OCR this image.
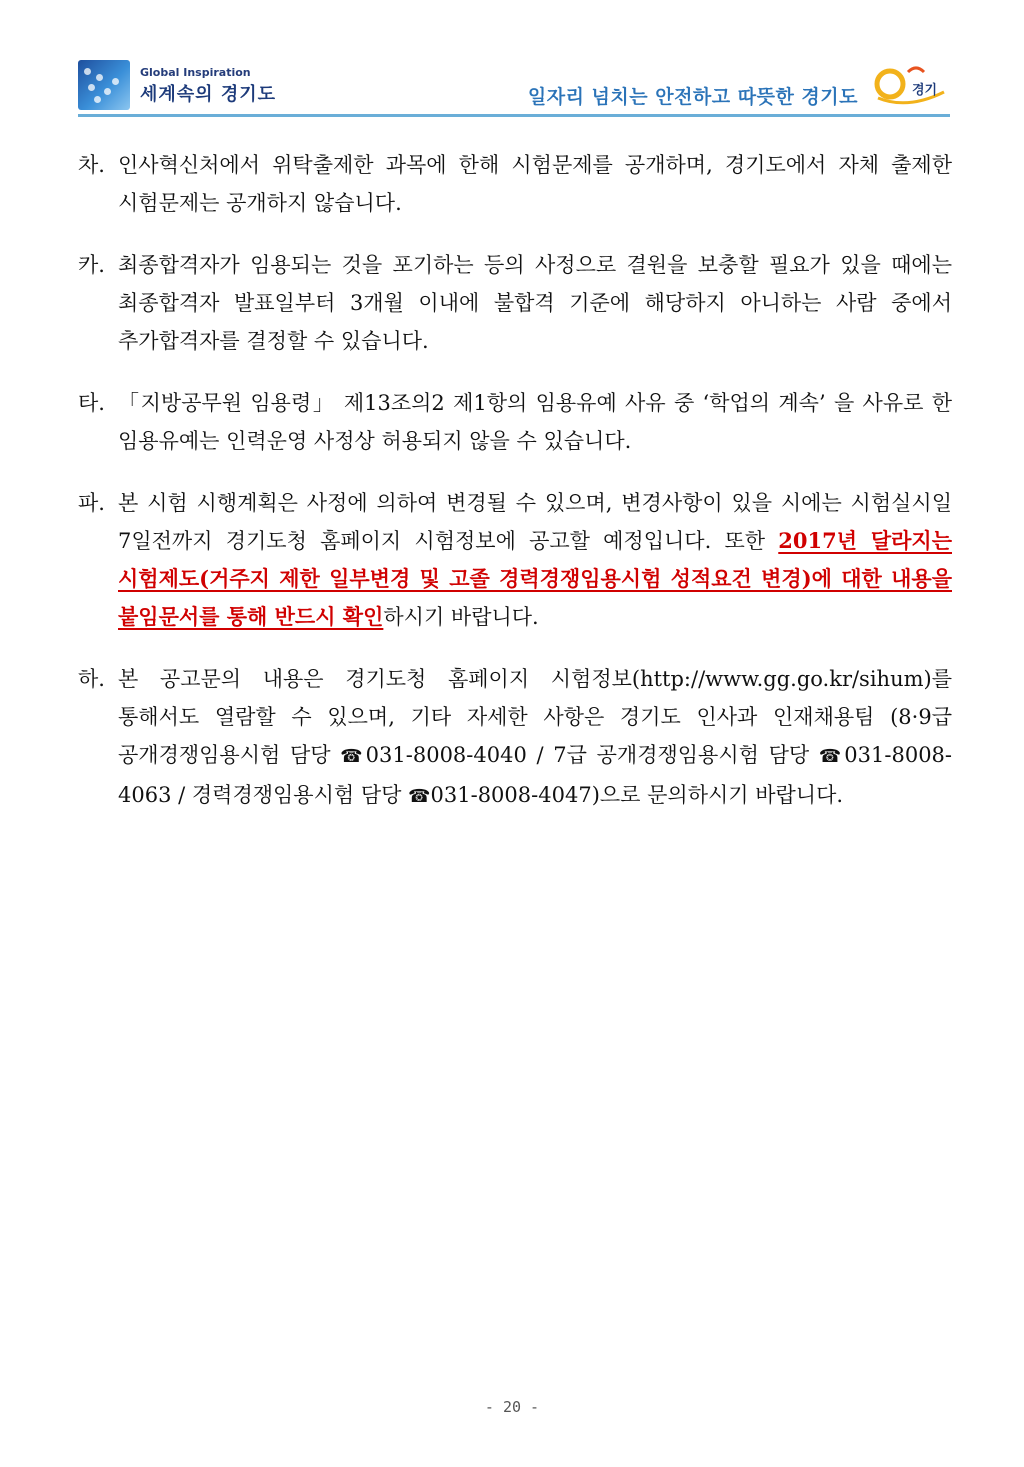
Global Inspiration
세계속의 경기도	일자리 넘치는 안전하고 따뜻한 경기도	경기
차. 인사혁신처에서 위탁출제한 과목에 한해 시험문제를 공개하며, 경기도에서 자체 출제한 시험문제는 공개하지 않습니다.
카. 최종합격자가 임용되는 것을 포기하는 등의 사정으로 결원을 보충할 필요가 있을 때에는 최종합격자 발표일부터 3개월 이내에 불합격 기준에 해당하지 아니하는 사람 중에서 추가합격자를 결정할 수 있습니다.
타. 「지방공무원 임용령」 제13조의2 제1항의 임용유예 사유 중 ‘학업의 계속’ 을 사유로 한 임용유예는 인력운영 사정상 허용되지 않을 수 있습니다.
파. 본 시험 시행계획은 사정에 의하여 변경될 수 있으며, 변경사항이 있을 시에는 시험실시일 7일전까지 경기도청 홈페이지 시험정보에 공고할 예정입니다. 또한 2017년 달라지는 시험제도(거주지 제한 일부변경 및 고졸 경력경쟁임용시험 성적요건 변경)에 대한 내용을 붙임문서를 통해 반드시 확인하시기 바랍니다.
하. 본 공고문의 내용은 경기도청 홈페이지 시험정보(http://www.gg.go.kr/sihum)를 통해서도 열람할 수 있으며, 기타 자세한 사항은 경기도 인사과 인재채용팀 (8·9급 공개경쟁임용시험 담당 ☎031-8008-4040 / 7급 공개경쟁임용시험 담당 ☎031-8008-4063 / 경력경쟁임용시험 담당 ☎031-8008-4047)으로 문의하시기 바랍니다.
- 20 -
